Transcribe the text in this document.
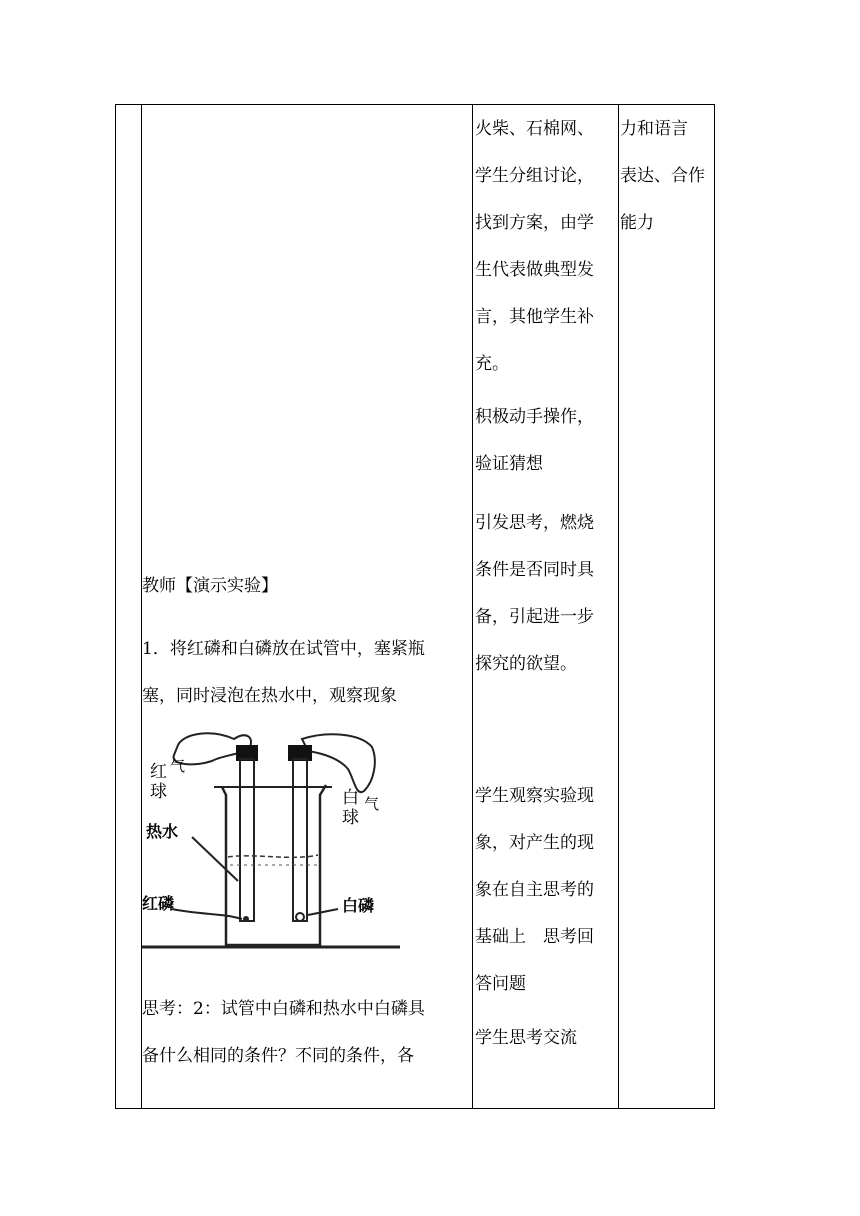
教师【演示实验】
1．将红磷和白磷放在试管中，塞紧瓶
塞，同时浸泡在热水中，观察现象
红
球
气
热水
红磷
白
球
气
白磷
思考：2：试管中白磷和热水中白磷具
备什么相同的条件？不同的条件，各
火柴、石棉网、
学生分组讨论，
找到方案，由学
生代表做典型发
言，其他学生补
充。
积极动手操作，
验证猜想
引发思考，燃烧
条件是否同时具
备，引起进一步
探究的欲望。
学生观察实验现
象，对产生的现
象在自主思考的
基础上　思考回
答问题
学生思考交流
力和语言
表达、合作
能力
